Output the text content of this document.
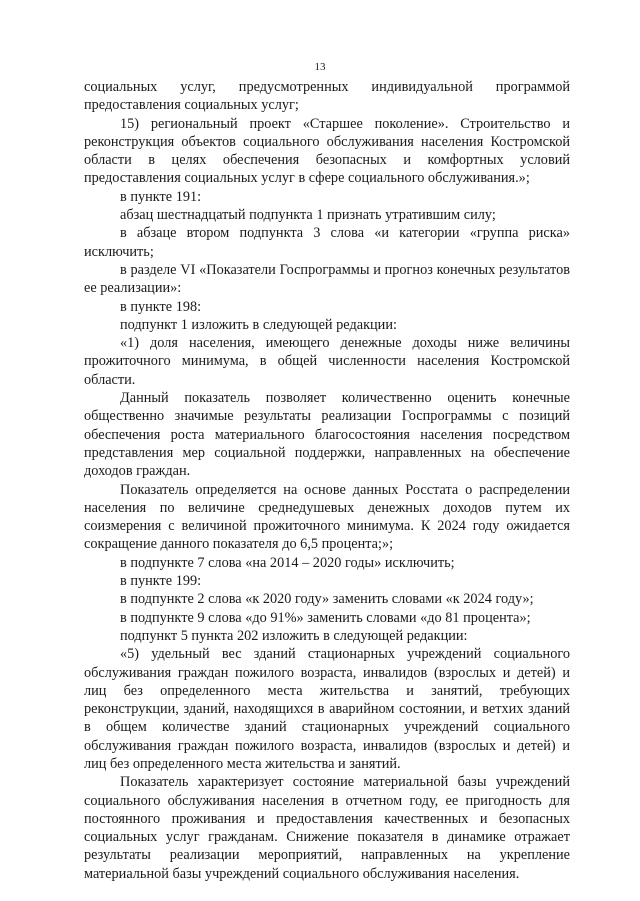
13

социальных услуг, предусмотренных индивидуальной программой предоставления социальных услуг;

15) региональный проект «Старшее поколение». Строительство и реконструкция объектов социального обслуживания населения Костромской области в целях обеспечения безопасных и комфортных условий предоставления социальных услуг в сфере социального обслуживания.»;

в пункте 191:

абзац шестнадцатый подпункта 1 признать утратившим силу;

в абзаце втором подпункта 3 слова «и категории «группа риска» исключить;

в разделе VI «Показатели Госпрограммы и прогноз конечных результатов ее реализации»:

в пункте 198:

подпункт 1 изложить в следующей редакции:

«1) доля населения, имеющего денежные доходы ниже величины прожиточного минимума, в общей численности населения Костромской области.

Данный показатель позволяет количественно оценить конечные общественно значимые результаты реализации Госпрограммы с позиций обеспечения роста материального благосостояния населения посредством представления мер социальной поддержки, направленных на обеспечение доходов граждан.

Показатель определяется на основе данных Росстата о распределении населения по величине среднедушевых денежных доходов путем их соизмерения с величиной прожиточного минимума. К 2024 году ожидается сокращение данного показателя до 6,5 процента;»;

в подпункте 7 слова «на 2014 – 2020 годы» исключить;

в пункте 199:

в подпункте 2 слова «к 2020 году» заменить словами «к 2024 году»;

в подпункте 9 слова «до 91%» заменить словами «до 81 процента»;

подпункт 5 пункта 202 изложить в следующей редакции:

«5) удельный вес зданий стационарных учреждений социального обслуживания граждан пожилого возраста, инвалидов (взрослых и детей) и лиц без определенного места жительства и занятий, требующих реконструкции, зданий, находящихся в аварийном состоянии, и ветхих зданий в общем количестве зданий стационарных учреждений социального обслуживания граждан пожилого возраста, инвалидов (взрослых и детей) и лиц без определенного места жительства и занятий.

Показатель характеризует состояние материальной базы учреждений социального обслуживания населения в отчетном году, ее пригодность для постоянного проживания и предоставления качественных и безопасных социальных услуг гражданам. Снижение показателя в динамике отражает результаты реализации мероприятий, направленных на укрепление материальной базы учреждений социального обслуживания населения.
